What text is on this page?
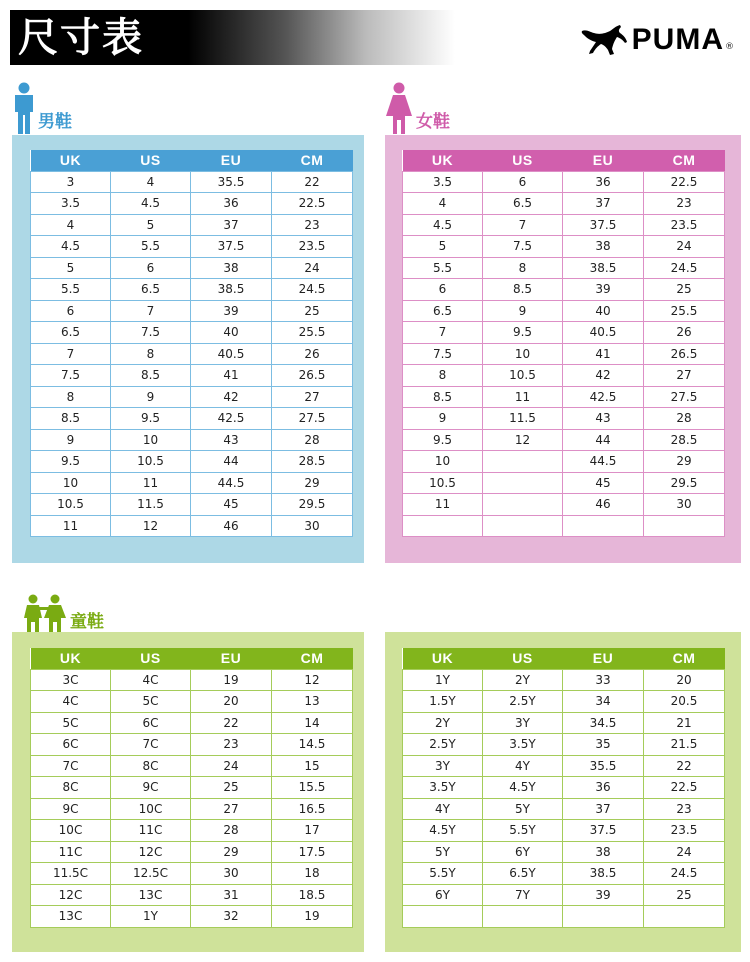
尺寸表	PUMA ®
男鞋	女鞋
童鞋
UK	US	EU	CM
3	4	35.5	22
3.5	4.5	36	22.5
4	5	37	23
4.5	5.5	37.5	23.5
5	6	38	24
5.5	6.5	38.5	24.5
6	7	39	25
6.5	7.5	40	25.5
7	8	40.5	26
7.5	8.5	41	26.5
8	9	42	27
8.5	9.5	42.5	27.5
9	10	43	28
9.5	10.5	44	28.5
10	11	44.5	29
10.5	11.5	45	29.5
11	12	46	30
UK	US	EU	CM
3.5	6	36	22.5
4	6.5	37	23
4.5	7	37.5	23.5
5	7.5	38	24
5.5	8	38.5	24.5
6	8.5	39	25
6.5	9	40	25.5
7	9.5	40.5	26
7.5	10	41	26.5
8	10.5	42	27
8.5	11	42.5	27.5
9	11.5	43	28
9.5	12	44	28.5
10		44.5	29
10.5		45	29.5
11		46	30

UK	US	EU	CM
3C	4C	19	12
4C	5C	20	13
5C	6C	22	14
6C	7C	23	14.5
7C	8C	24	15
8C	9C	25	15.5
9C	10C	27	16.5
10C	11C	28	17
11C	12C	29	17.5
11.5C	12.5C	30	18
12C	13C	31	18.5
13C	1Y	32	19
UK	US	EU	CM
1Y	2Y	33	20
1.5Y	2.5Y	34	20.5
2Y	3Y	34.5	21
2.5Y	3.5Y	35	21.5
3Y	4Y	35.5	22
3.5Y	4.5Y	36	22.5
4Y	5Y	37	23
4.5Y	5.5Y	37.5	23.5
5Y	6Y	38	24
5.5Y	6.5Y	38.5	24.5
6Y	7Y	39	25
